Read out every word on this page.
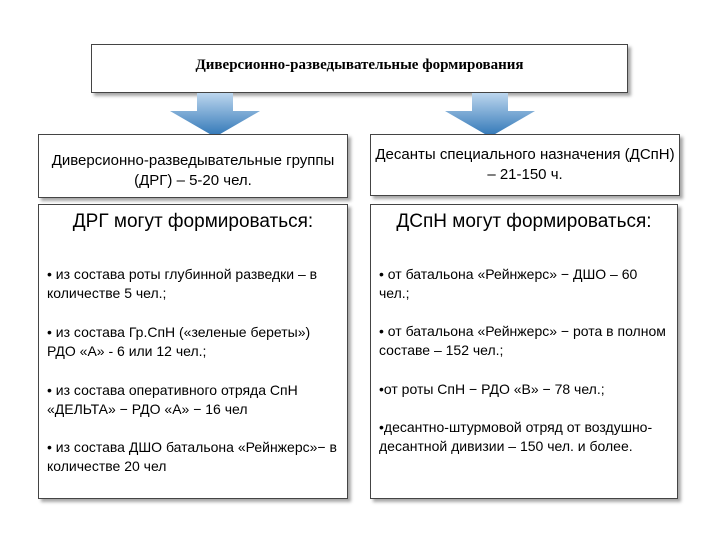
Диверсионно-разведывательные формирования
Диверсионно-разведывательные группы (ДРГ) – 5-20 чел.
Десанты специального назначения (ДСпН) – 21-150 ч.
ДРГ могут формироваться:
• из состава роты глубинной разведки – в количестве 5 чел.;
• из состава Гр.СпН («зеленые береты») РДО «А» - 6 или 12 чел.;
• из состава оперативного отряда СпН «ДЕЛЬТА» − РДО «А» − 16 чел
• из состава ДШО батальона «Рейнжерс»− в количестве 20 чел
ДСпН могут формироваться:
• от батальона «Рейнжерс» − ДШО – 60 чел.;
• от батальона «Рейнжерс» − рота в полном составе – 152 чел.;
•от роты СпН − РДО «В» − 78 чел.;
•десантно-штурмовой отряд от воздушно-десантной дивизии – 150 чел. и более.
